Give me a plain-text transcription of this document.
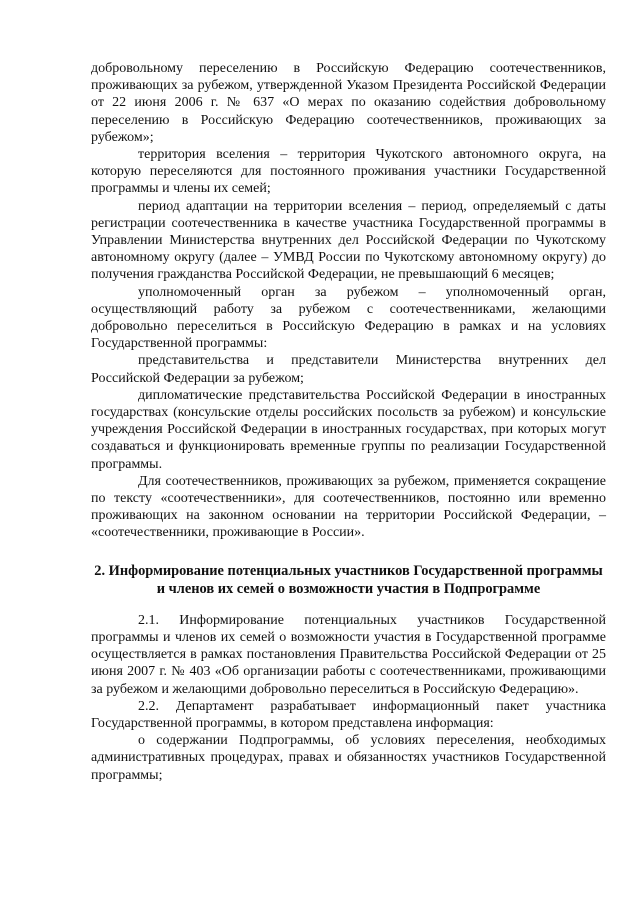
добровольному переселению в Российскую Федерацию соотечественников, проживающих за рубежом, утвержденной Указом Президента Российской Федерации от 22 июня 2006 г. № 637 «О мерах по оказанию содействия добровольному переселению в Российскую Федерацию соотечественников, проживающих за рубежом»;

территория вселения – территория Чукотского автономного округа, на которую переселяются для постоянного проживания участники Государственной программы и члены их семей;

период адаптации на территории вселения – период, определяемый с даты регистрации соотечественника в качестве участника Государственной программы в Управлении Министерства внутренних дел Российской Федерации по Чукотскому автономному округу (далее – УМВД России по Чукотскому автономному округу) до получения гражданства Российской Федерации, не превышающий 6 месяцев;

уполномоченный орган за рубежом – уполномоченный орган, осуществляющий работу за рубежом с соотечественниками, желающими добровольно переселиться в Российскую Федерацию в рамках и на условиях Государственной программы:

представительства и представители Министерства внутренних дел Российской Федерации за рубежом;

дипломатические представительства Российской Федерации в иностранных государствах (консульские отделы российских посольств за рубежом) и консульские учреждения Российской Федерации в иностранных государствах, при которых могут создаваться и функционировать временные группы по реализации Государственной программы.

Для соотечественников, проживающих за рубежом, применяется сокращение по тексту «соотечественники», для соотечественников, постоянно или временно проживающих на законном основании на территории Российской Федерации, – «соотечественники, проживающие в России».

2. Информирование потенциальных участников Государственной программы и членов их семей о возможности участия в Подпрограмме

2.1. Информирование потенциальных участников Государственной программы и членов их семей о возможности участия в Государственной программе осуществляется в рамках постановления Правительства Российской Федерации от 25 июня 2007 г. № 403 «Об организации работы с соотечественниками, проживающими за рубежом и желающими добровольно переселиться в Российскую Федерацию».

2.2. Департамент разрабатывает информационный пакет участника Государственной программы, в котором представлена информация:

о содержании Подпрограммы, об условиях переселения, необходимых административных процедурах, правах и обязанностях участников Государственной программы;
